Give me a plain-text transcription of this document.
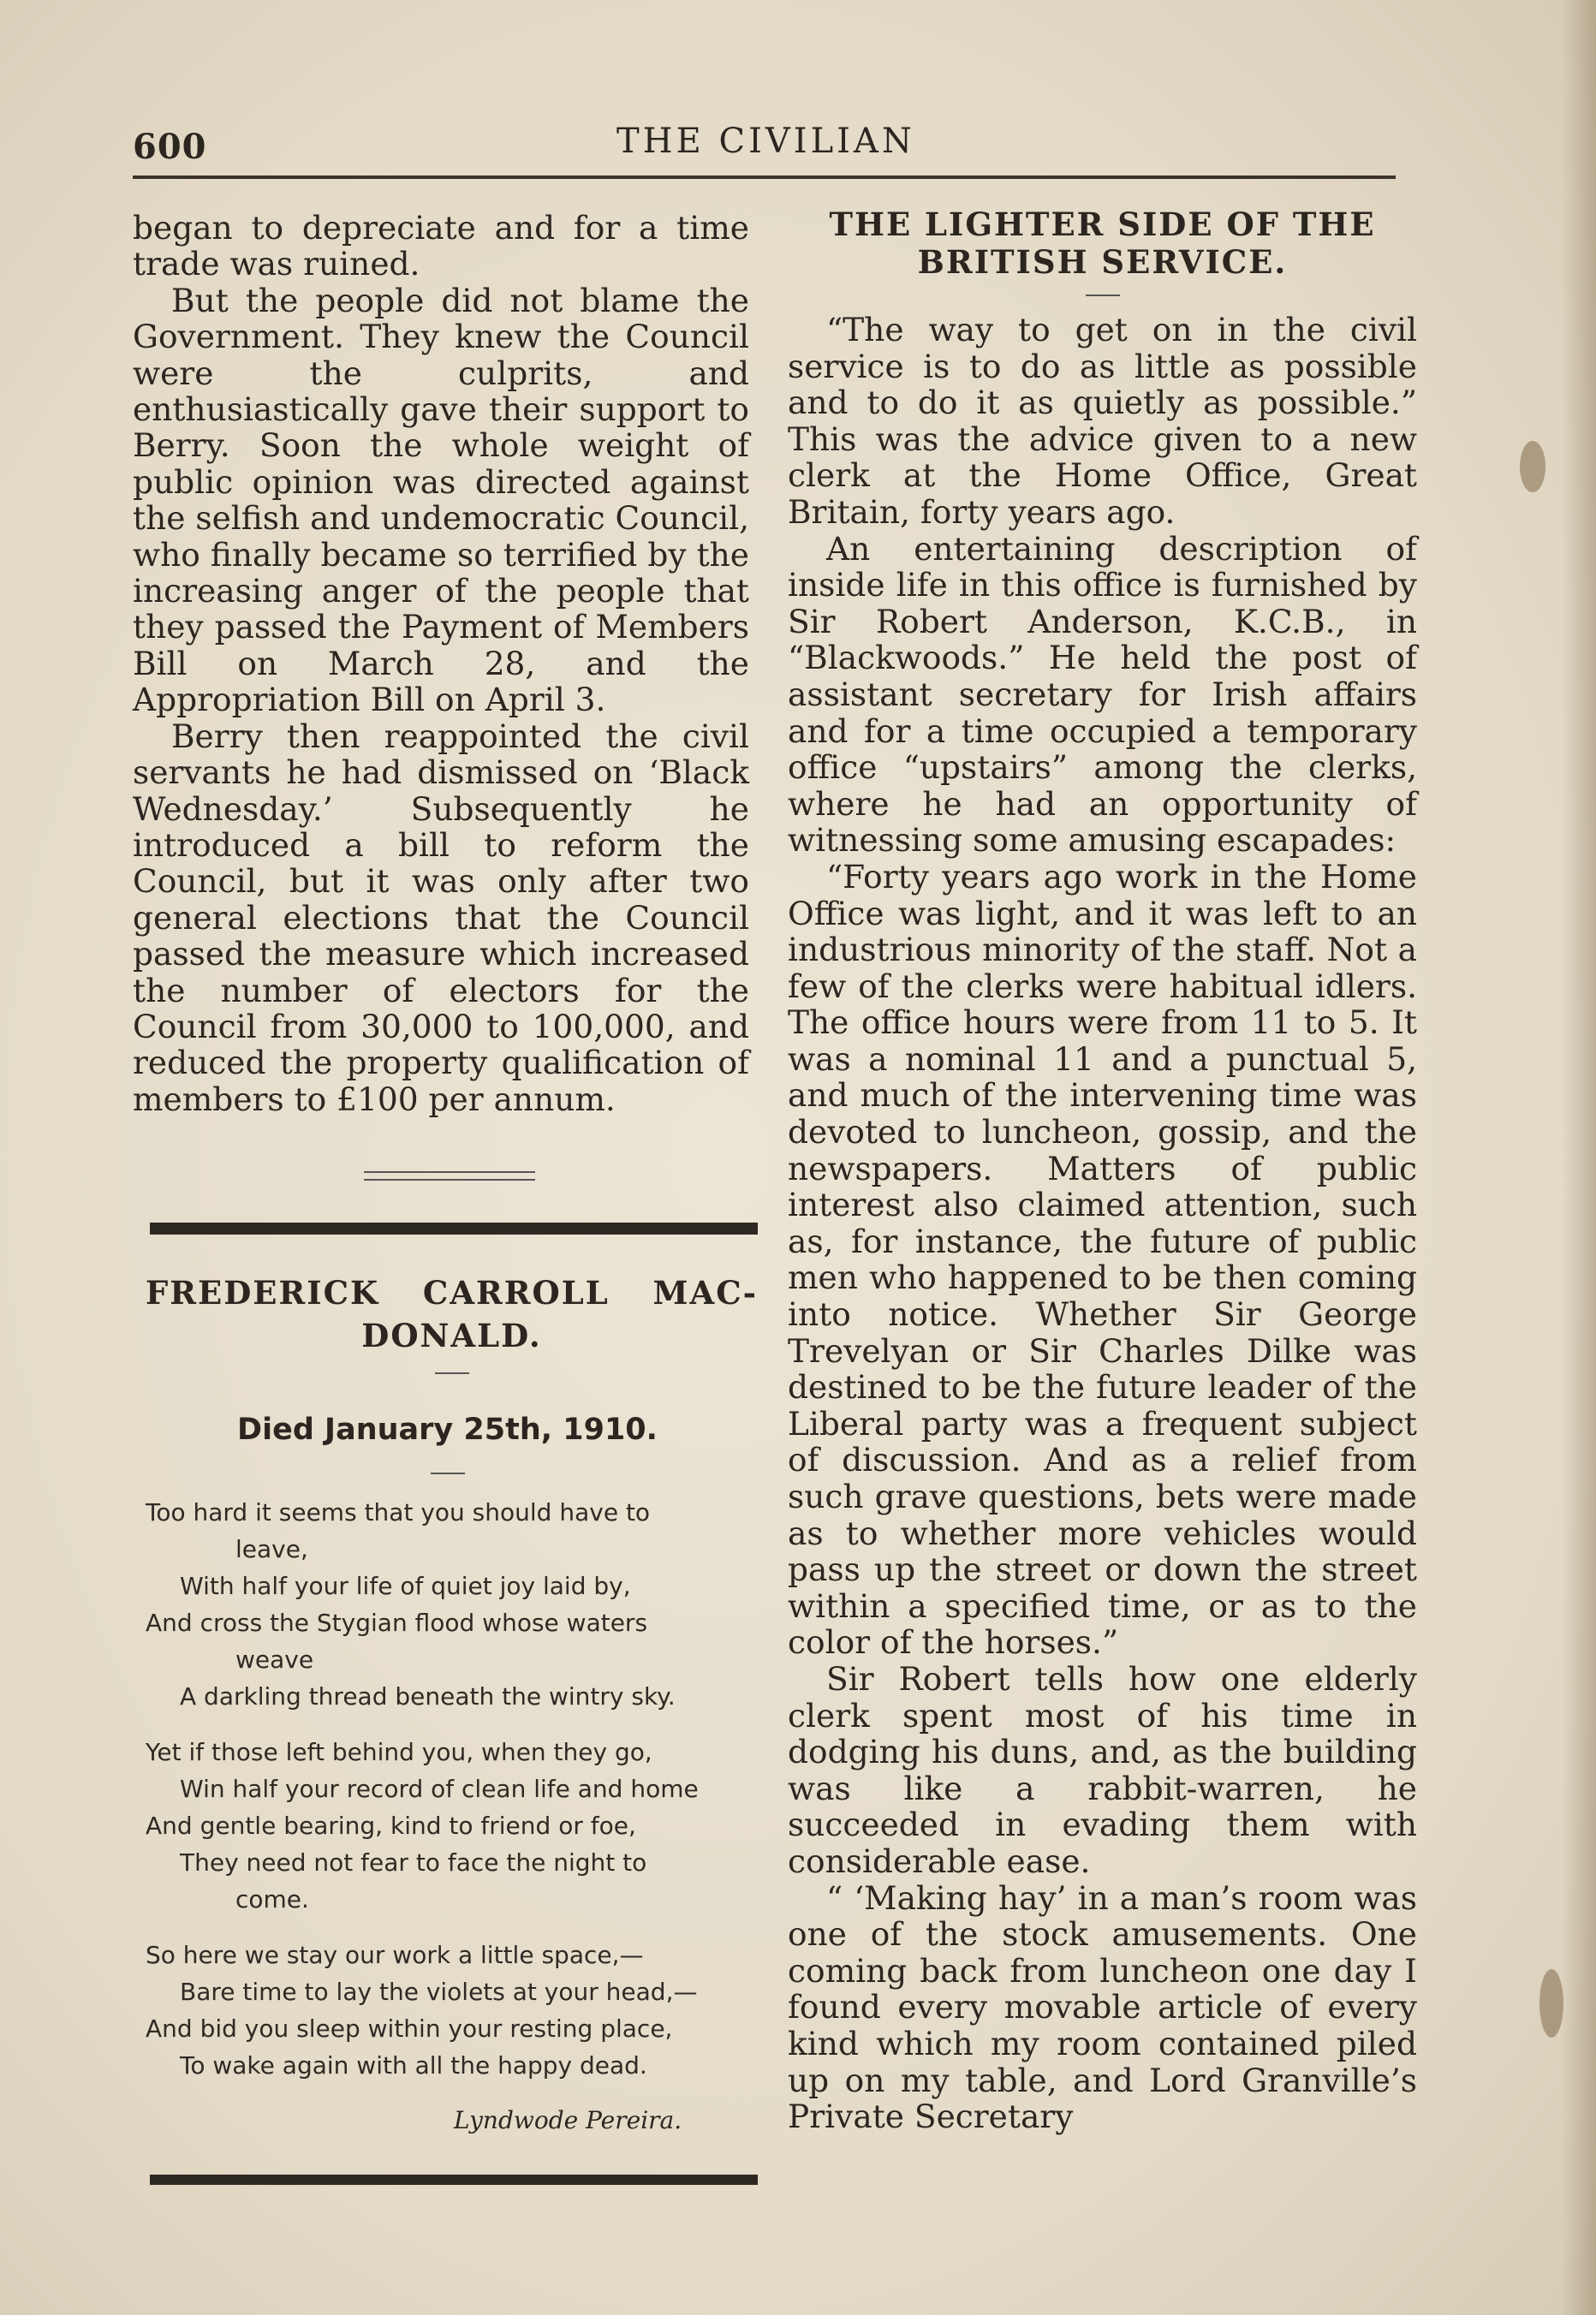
600	THE CIVILIAN

began to depreciate and for a time trade was ruined.

But the people did not blame the Government. They knew the Council were the culprits, and enthusiastically gave their support to Berry. Soon the whole weight of public opinion was directed against the selfish and undemocratic Council, who finally became so terrified by the increasing anger of the people that they passed the Payment of Members Bill on March 28, and the Appropriation Bill on April 3.

Berry then reappointed the civil servants he had dismissed on ‘Black Wednesday.’ Subsequently he introduced a bill to reform the Council, but it was only after two general elections that the Council passed the measure which increased the number of electors for the Council from 30,000 to 100,000, and reduced the property qualification of members to £100 per annum.

FREDERICK CARROLL MAC-
DONALD.
Died January 25th, 1910.
Too hard it seems that you should have to
leave,
With half your life of quiet joy laid by,
And cross the Stygian flood whose waters
weave
A darkling thread beneath the wintry sky.
Yet if those left behind you, when they go,
Win half your record of clean life and home
And gentle bearing, kind to friend or foe,
They need not fear to face the night to
come.
So here we stay our work a little space,—
Bare time to lay the violets at your head,—
And bid you sleep within your resting place,
To wake again with all the happy dead.
Lyndwode Pereira.
THE LIGHTER SIDE OF THE
BRITISH SERVICE.

“The way to get on in the civil service is to do as little as possible and to do it as quietly as possible.” This was the advice given to a new clerk at the Home Office, Great Britain, forty years ago.

An entertaining description of inside life in this office is furnished by Sir Robert Anderson, K.C.B., in “Blackwoods.” He held the post of assistant secretary for Irish affairs and for a time occupied a temporary office “upstairs” among the clerks, where he had an opportunity of witnessing some amusing escapades:

“Forty years ago work in the Home Office was light, and it was left to an industrious minority of the staff. Not a few of the clerks were habitual idlers. The office hours were from 11 to 5. It was a nominal 11 and a punctual 5, and much of the intervening time was devoted to luncheon, gossip, and the newspapers. Matters of public interest also claimed attention, such as, for instance, the future of public men who happened to be then coming into notice. Whether Sir George Trevelyan or Sir Charles Dilke was destined to be the future leader of the Liberal party was a frequent subject of discussion. And as a relief from such grave questions, bets were made as to whether more vehicles would pass up the street or down the street within a specified time, or as to the color of the horses.”

Sir Robert tells how one elderly clerk spent most of his time in dodging his duns, and, as the building was like a rabbit-warren, he succeeded in evading them with considerable ease.

“ ‘Making hay’ in a man’s room was one of the stock amusements. One coming back from luncheon one day I found every movable article of every kind which my room contained piled up on my table, and Lord Granville’s Private Secretary
